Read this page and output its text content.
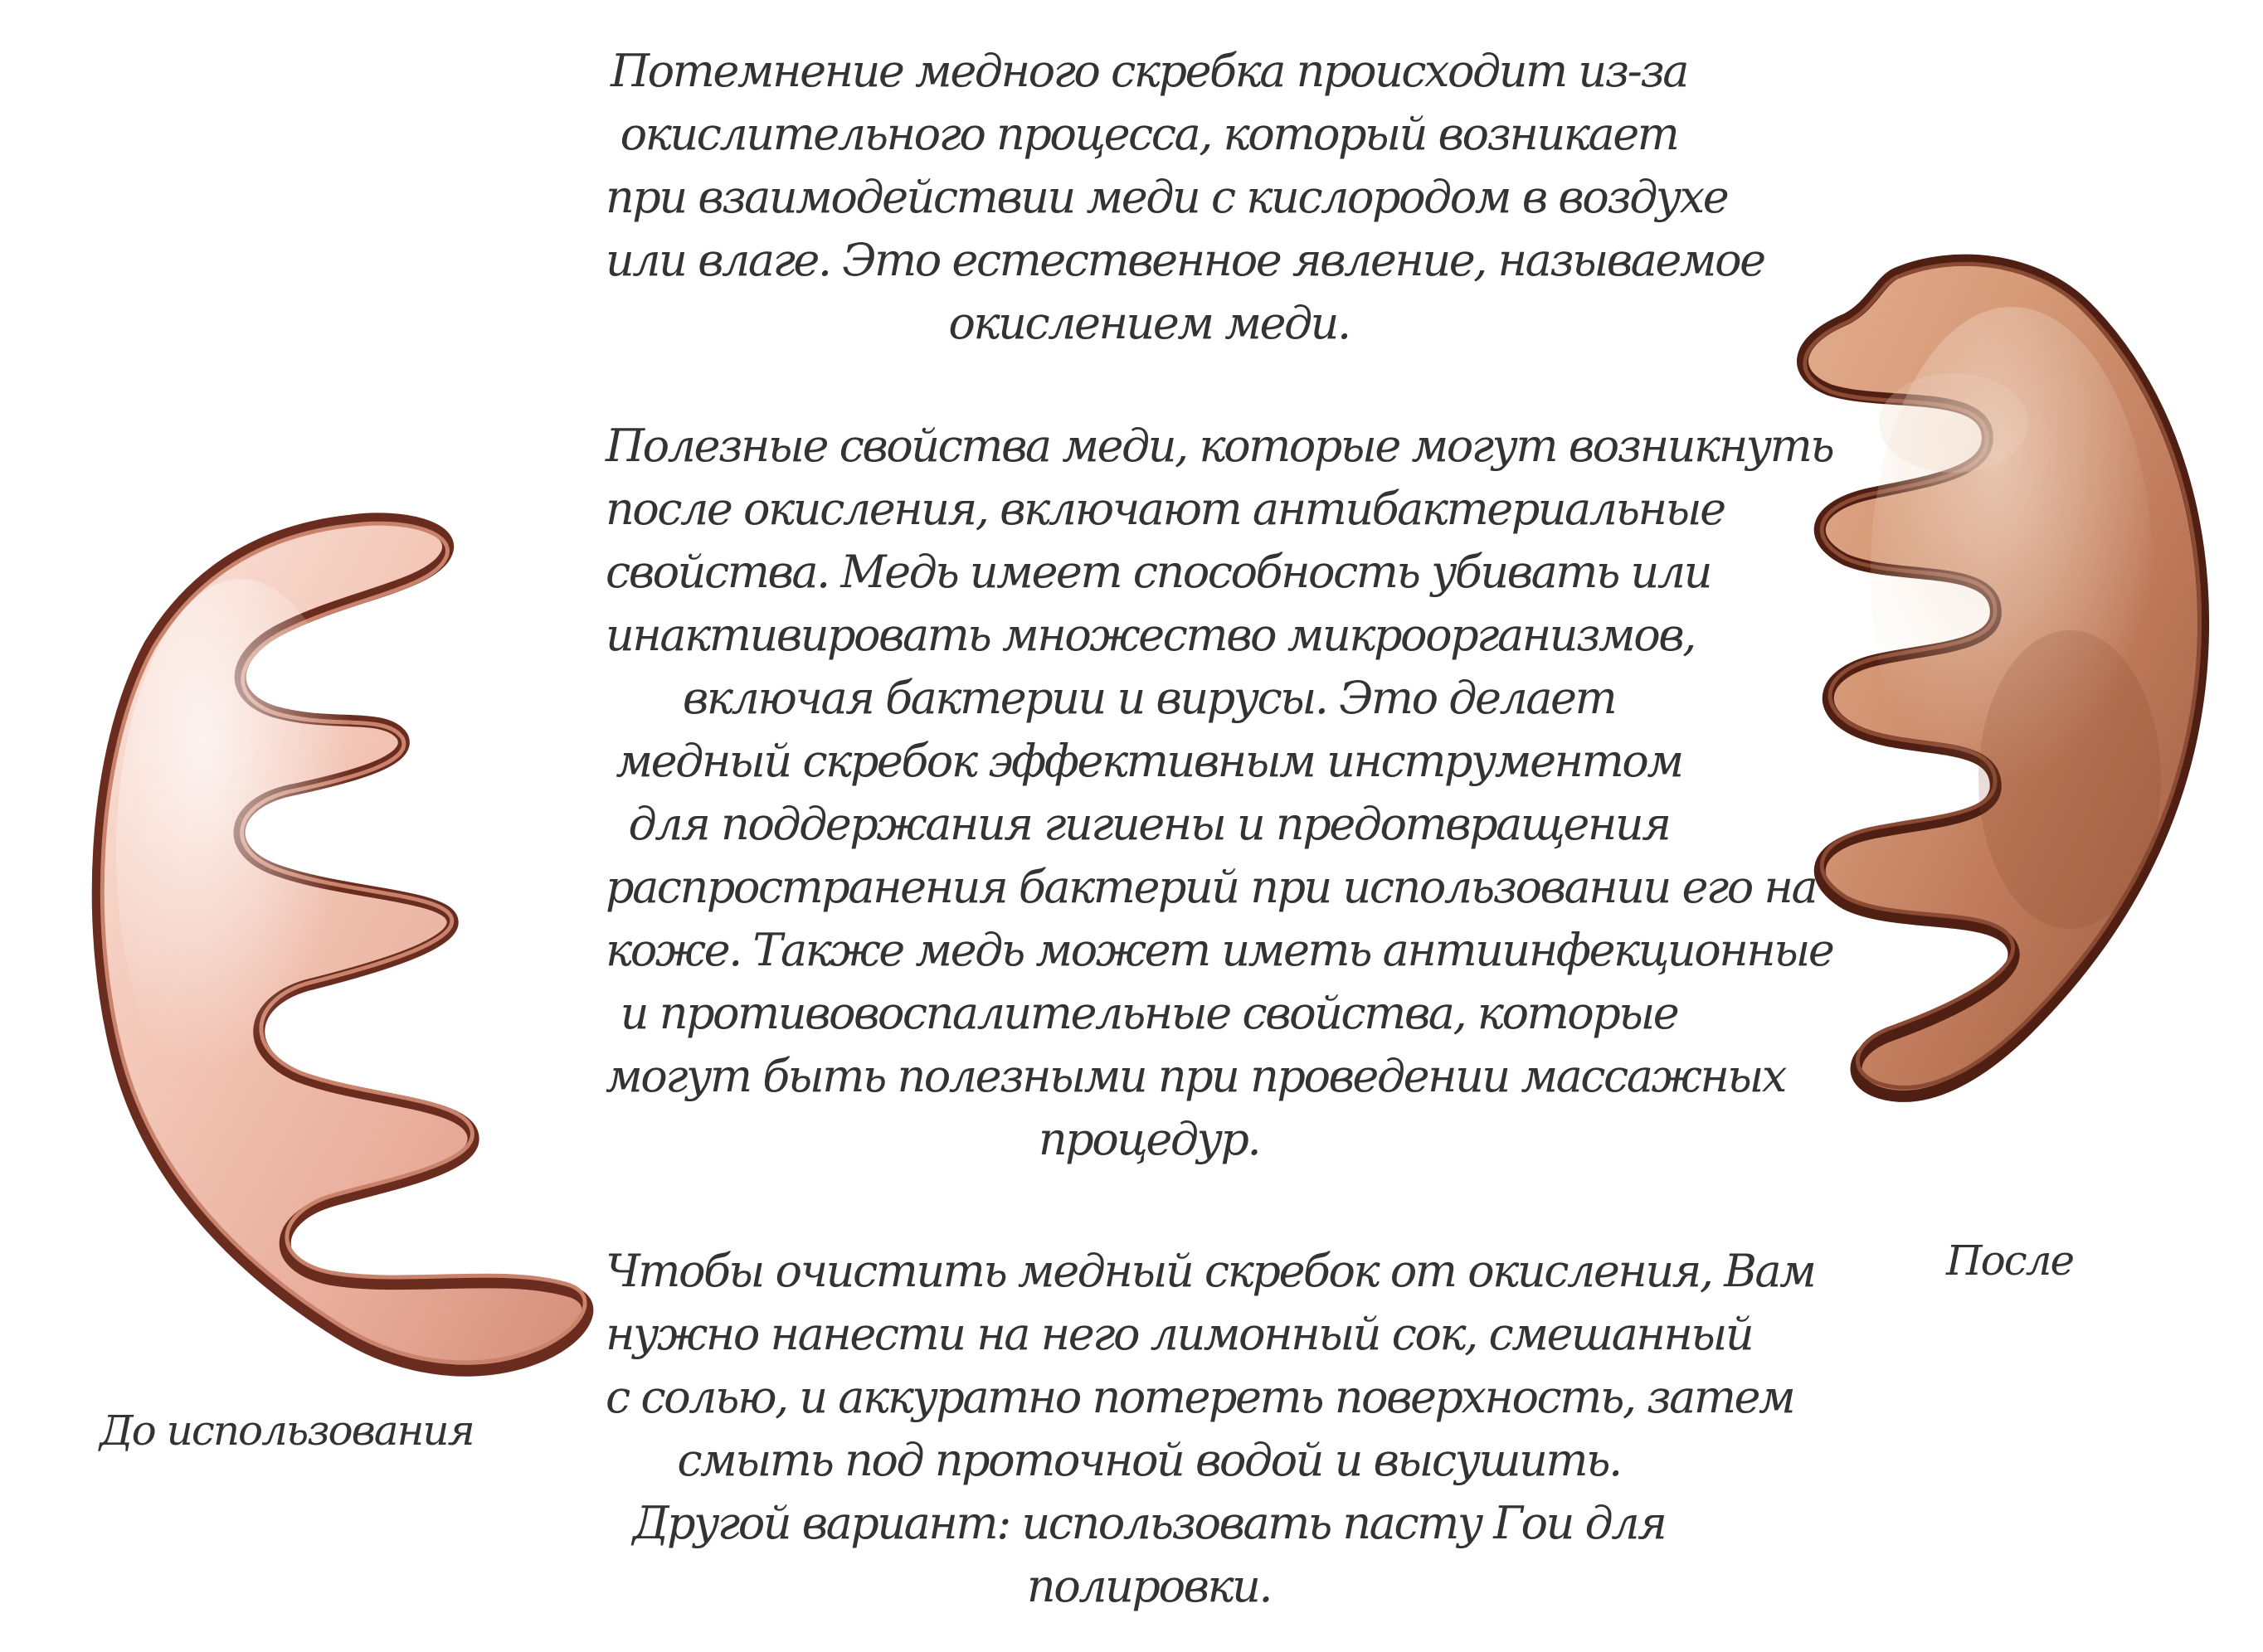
До использования
После
Потемнение медного скребка происходит из-за
окислительного процесса, который возникает
при взаимодействии меди с кислородом в воздухе
или влаге. Это естественное явление, называемое
окислением меди.
Полезные свойства меди, которые могут возникнуть
после окисления, включают антибактериальные
свойства. Медь имеет способность убивать или
инактивировать множество микроорганизмов,
включая бактерии и вирусы. Это делает
медный скребок эффективным инструментом
для поддержания гигиены и предотвращения
распространения бактерий при использовании его на
коже. Также медь может иметь антиинфекционные
и противовоспалительные свойства, которые
могут быть полезными при проведении массажных
процедур.
Чтобы очистить медный скребок от окисления, Вам
нужно нанести на него лимонный сок, смешанный
с солью, и аккуратно потереть поверхность, затем
смыть под проточной водой и высушить.
Другой вариант: использовать пасту Гои для
полировки.
